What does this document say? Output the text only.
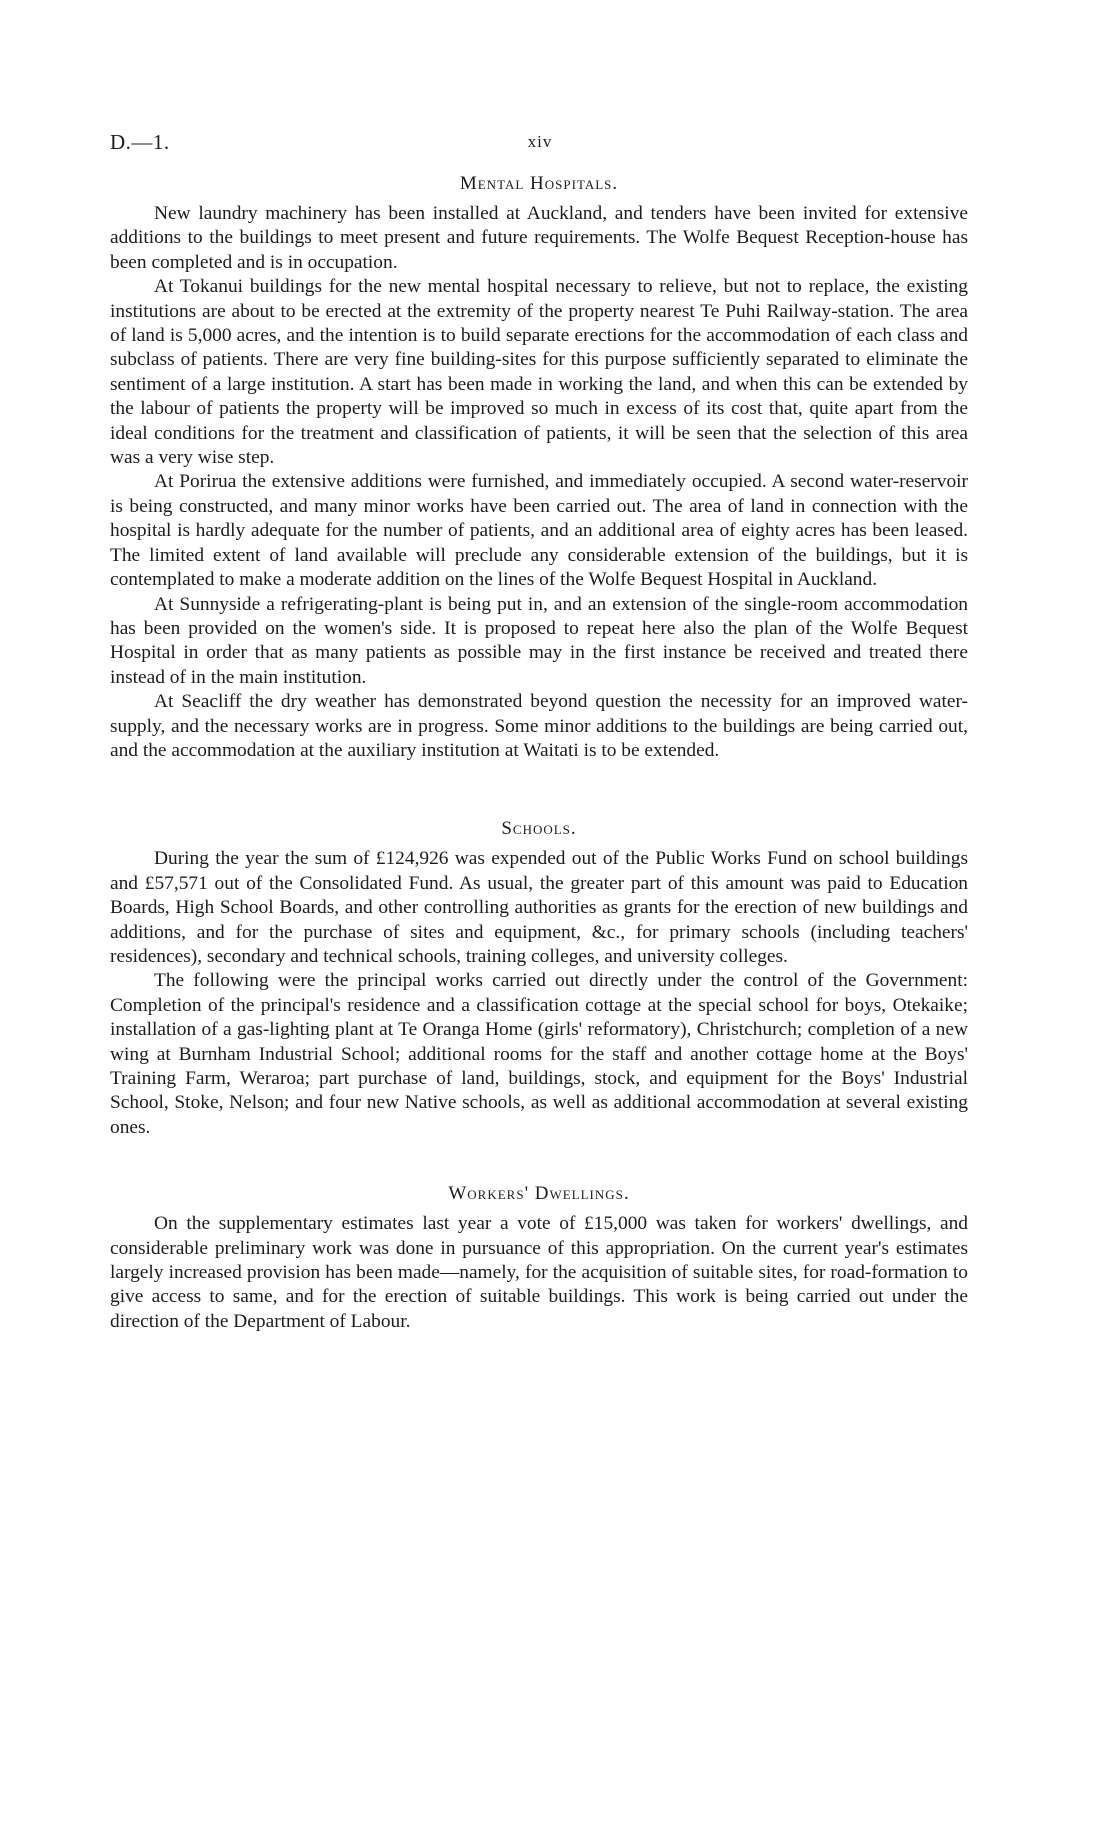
D.—1.	xiv
Mental Hospitals.

New laundry machinery has been installed at Auckland, and tenders have been invited for extensive additions to the buildings to meet present and future requirements. The Wolfe Bequest Reception-house has been completed and is in occupation.

At Tokanui buildings for the new mental hospital necessary to relieve, but not to replace, the existing institutions are about to be erected at the extremity of the property nearest Te Puhi Railway-station. The area of land is 5,000 acres, and the intention is to build separate erections for the accommodation of each class and subclass of patients. There are very fine building-sites for this purpose sufficiently separated to eliminate the sentiment of a large institution. A start has been made in working the land, and when this can be extended by the labour of patients the property will be improved so much in excess of its cost that, quite apart from the ideal conditions for the treatment and classification of patients, it will be seen that the selection of this area was a very wise step.

At Porirua the extensive additions were furnished, and immediately occupied. A second water-reservoir is being constructed, and many minor works have been carried out. The area of land in connection with the hospital is hardly adequate for the number of patients, and an additional area of eighty acres has been leased. The limited extent of land available will preclude any considerable extension of the buildings, but it is contemplated to make a moderate addition on the lines of the Wolfe Bequest Hospital in Auckland.

At Sunnyside a refrigerating-plant is being put in, and an extension of the single-room accommodation has been provided on the women's side. It is proposed to repeat here also the plan of the Wolfe Bequest Hospital in order that as many patients as possible may in the first instance be received and treated there instead of in the main institution.

At Seacliff the dry weather has demonstrated beyond question the necessity for an improved water-supply, and the necessary works are in progress. Some minor additions to the buildings are being carried out, and the accommodation at the auxiliary institution at Waitati is to be extended.

Schools.

During the year the sum of £124,926 was expended out of the Public Works Fund on school buildings and £57,571 out of the Consolidated Fund. As usual, the greater part of this amount was paid to Education Boards, High School Boards, and other controlling authorities as grants for the erection of new buildings and additions, and for the purchase of sites and equipment, &c., for primary schools (including teachers' residences), secondary and technical schools, training colleges, and university colleges.

The following were the principal works carried out directly under the control of the Government: Completion of the principal's residence and a classification cottage at the special school for boys, Otekaike; installation of a gas-lighting plant at Te Oranga Home (girls' reformatory), Christchurch; completion of a new wing at Burnham Industrial School; additional rooms for the staff and another cottage home at the Boys' Training Farm, Weraroa; part purchase of land, buildings, stock, and equipment for the Boys' Industrial School, Stoke, Nelson; and four new Native schools, as well as additional accommodation at several existing ones.

Workers' Dwellings.

On the supplementary estimates last year a vote of £15,000 was taken for workers' dwellings, and considerable preliminary work was done in pursuance of this appropriation. On the current year's estimates largely increased provision has been made—namely, for the acquisition of suitable sites, for road-formation to give access to same, and for the erection of suitable buildings. This work is being carried out under the direction of the Department of Labour.
